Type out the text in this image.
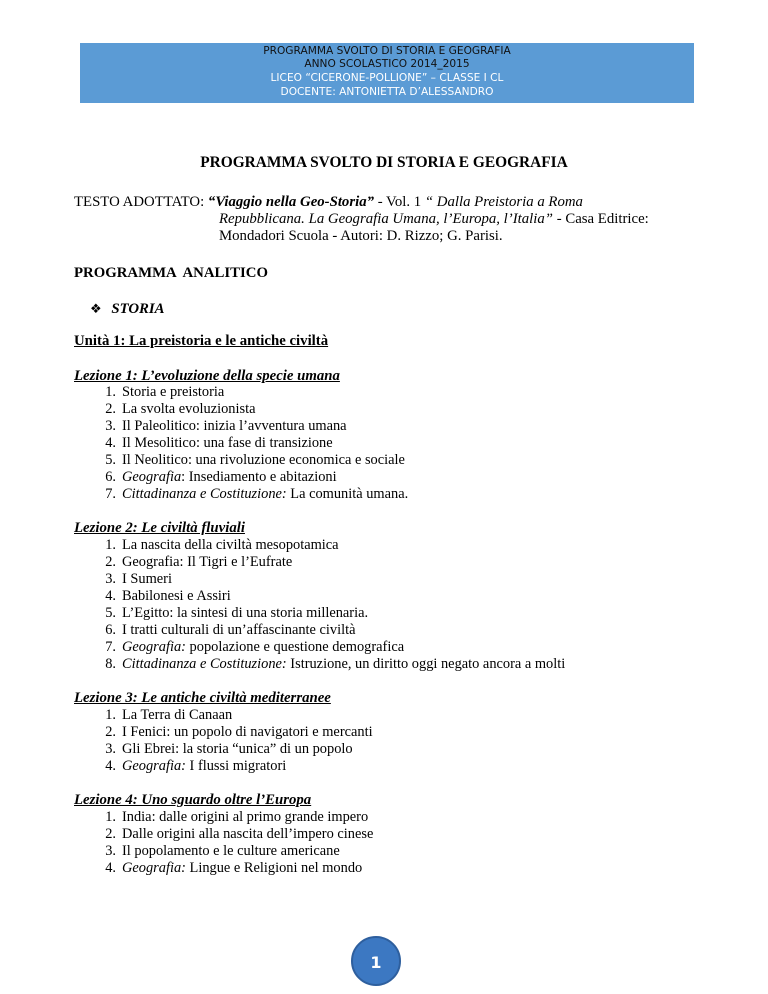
PROGRAMMA SVOLTO DI STORIA E GEOGRAFIA
ANNO SCOLASTICO 2014_2015
LICEO “CICERONE-POLLIONE” – CLASSE I CL
DOCENTE: ANTONIETTA D’ALESSANDRO
PROGRAMMA SVOLTO DI STORIA E GEOGRAFIA
TESTO ADOTTATO: “Viaggio nella Geo-Storia” - Vol. 1 “ Dalla Preistoria a Roma
Repubblicana. La Geografia Umana, l’Europa, l’Italia” - Casa Editrice:
Mondadori Scuola - Autori: D. Rizzo; G. Parisi.
PROGRAMMA  ANALITICO
❖ STORIA
Unità 1: La preistoria e le antiche civiltà
Lezione 1: L’evoluzione della specie umana
1. Storia e preistoria
2. La svolta evoluzionista
3. Il Paleolitico: inizia l’avventura umana
4. Il Mesolitico: una fase di transizione
5. Il Neolitico: una rivoluzione economica e sociale
6. Geografia: Insediamento e abitazioni
7. Cittadinanza e Costituzione: La comunità umana.
Lezione 2: Le civiltà fluviali
1. La nascita della civiltà mesopotamica
2. Geografia: Il Tigri e l’Eufrate
3. I Sumeri
4. Babilonesi e Assiri
5. L’Egitto: la sintesi di una storia millenaria.
6. I tratti culturali di un’affascinante civiltà
7. Geografia: popolazione e questione demografica
8. Cittadinanza e Costituzione: Istruzione, un diritto oggi negato ancora a molti
Lezione 3: Le antiche civiltà mediterranee
1. La Terra di Canaan
2. I Fenici: un popolo di navigatori e mercanti
3. Gli Ebrei: la storia “unica” di un popolo
4. Geografia: I flussi migratori
Lezione 4: Uno sguardo oltre l’Europa
1. India: dalle origini al primo grande impero
2. Dalle origini alla nascita dell’impero cinese
3. Il popolamento e le culture americane
4. Geografia: Lingue e Religioni nel mondo
1
